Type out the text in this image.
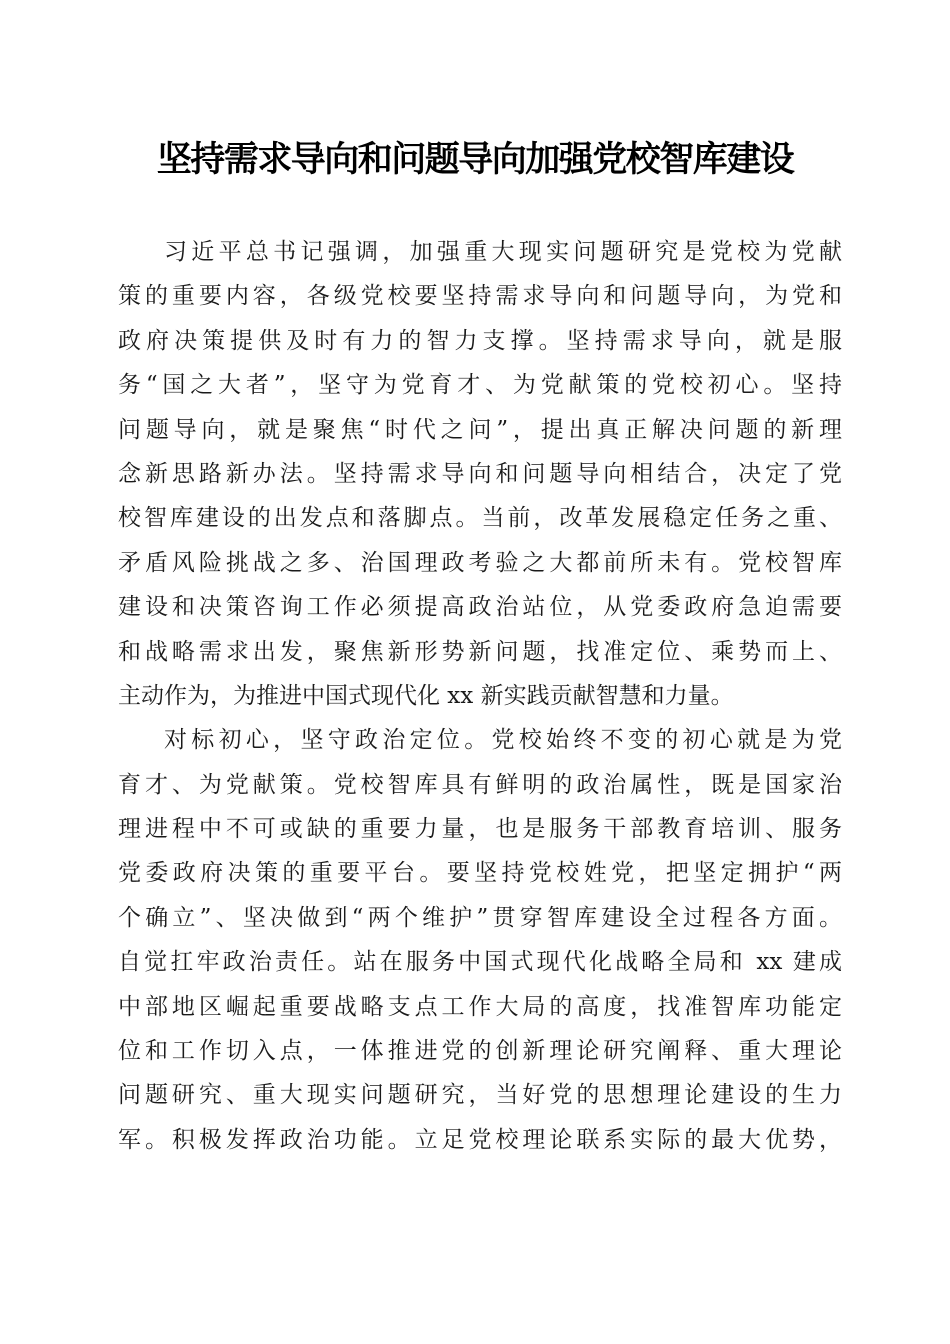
坚持需求导向和问题导向加强党校智库建设
习近平总书记强调，加强重大现实问题研究是党校为党献
策的重要内容，各级党校要坚持需求导向和问题导向，为党和
政府决策提供及时有力的智力支撑。坚持需求导向，就是服
务“国之大者”，坚守为党育才、为党献策的党校初心。坚持
问题导向，就是聚焦“时代之问”，提出真正解决问题的新理
念新思路新办法。坚持需求导向和问题导向相结合，决定了党
校智库建设的出发点和落脚点。当前，改革发展稳定任务之重、
矛盾风险挑战之多、治国理政考验之大都前所未有。党校智库
建设和决策咨询工作必须提高政治站位，从党委政府急迫需要
和战略需求出发，聚焦新形势新问题，找准定位、乘势而上、
主动作为，为推进中国式现代化 xx 新实践贡献智慧和力量。
对标初心，坚守政治定位。党校始终不变的初心就是为党
育才、为党献策。党校智库具有鲜明的政治属性，既是国家治
理进程中不可或缺的重要力量，也是服务干部教育培训、服务
党委政府决策的重要平台。要坚持党校姓党，把坚定拥护“两
个确立”、坚决做到“两个维护”贯穿智库建设全过程各方面。
自觉扛牢政治责任。站在服务中国式现代化战略全局和 xx 建成
中部地区崛起重要战略支点工作大局的高度，找准智库功能定
位和工作切入点，一体推进党的创新理论研究阐释、重大理论
问题研究、重大现实问题研究，当好党的思想理论建设的生力
军。积极发挥政治功能。立足党校理论联系实际的最大优势，
